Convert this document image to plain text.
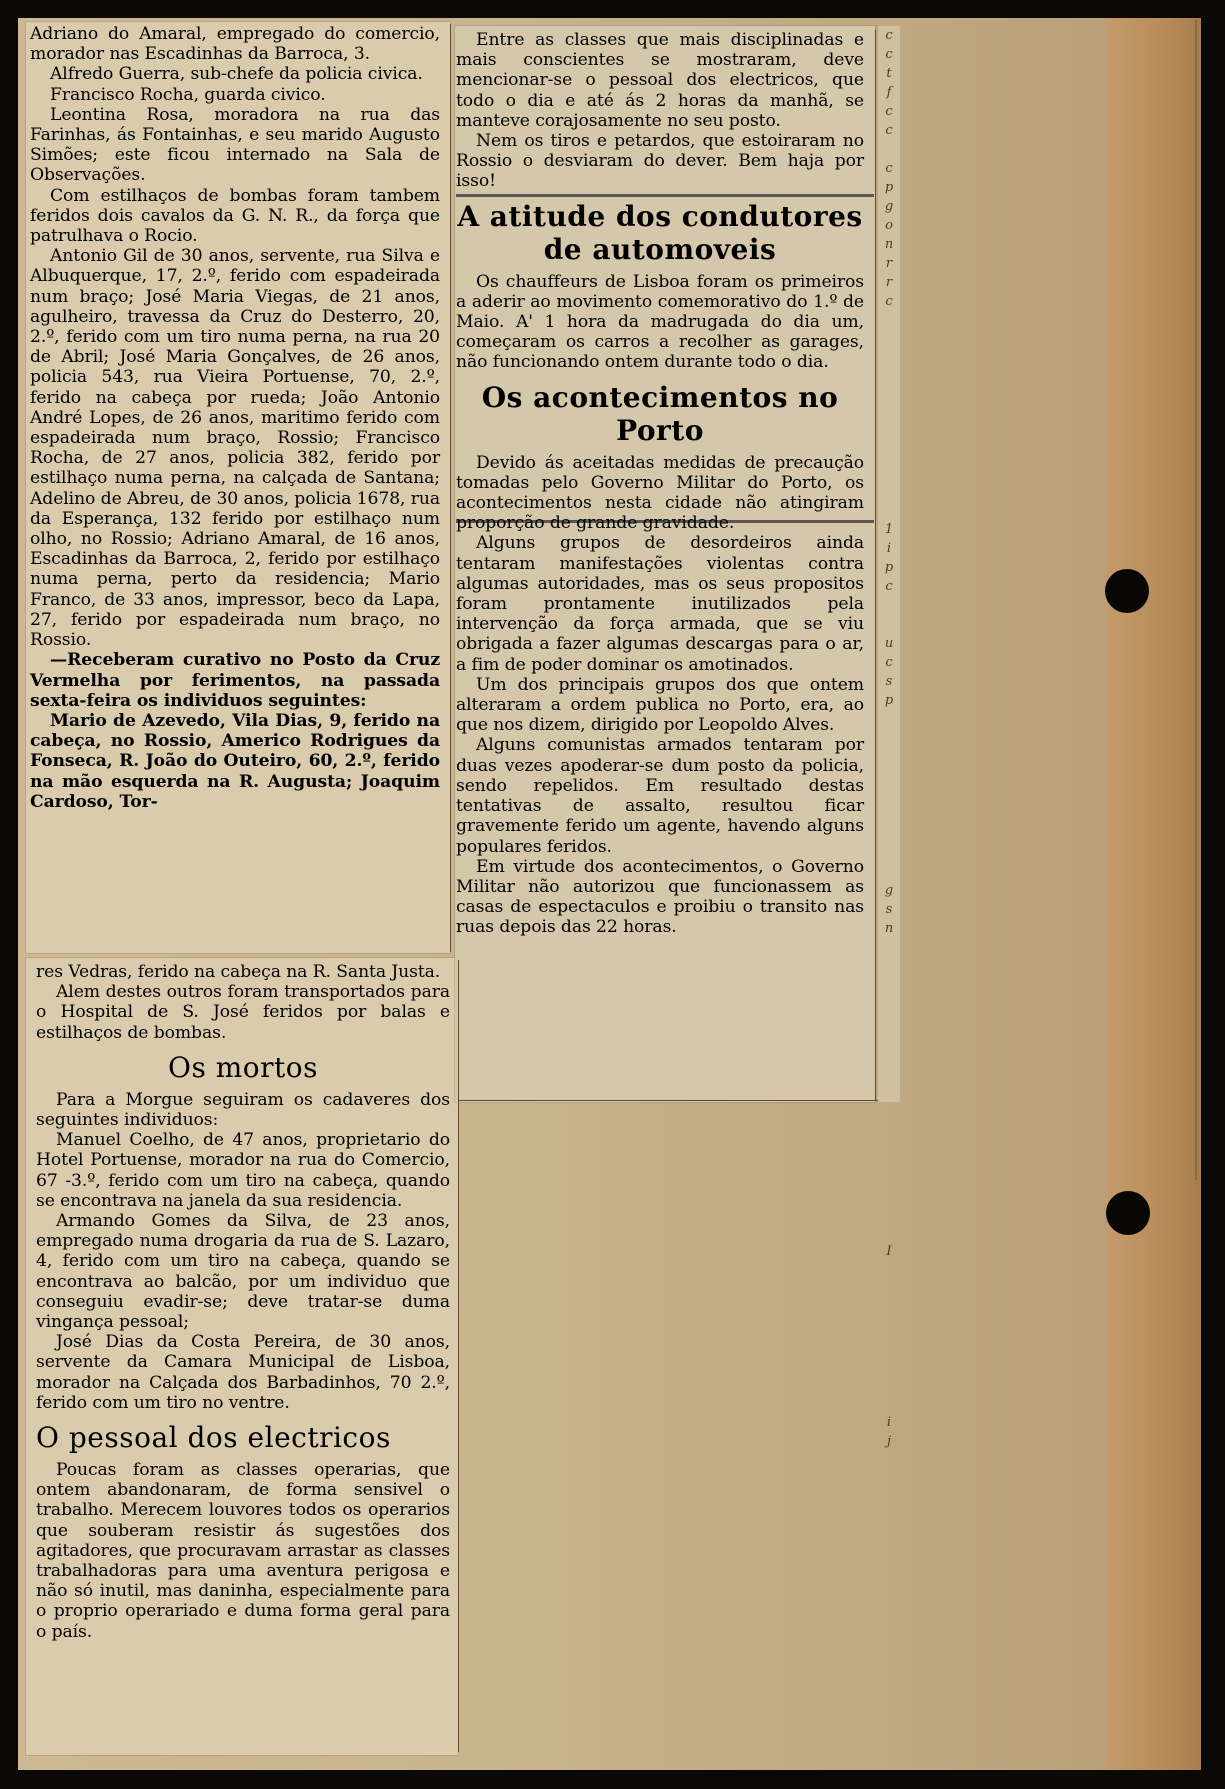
c
c
t
f
c
c

c
p
g
o
n
r
r
c

1
i
p
c

u
c
s
p

g
s
n

I

i
j

Adriano do Amaral, empregado do comercio, morador nas Escadinhas da Barroca, 3.

Alfredo Guerra, sub-chefe da policia civica.

Francisco Rocha, guarda civico.

Leontina Rosa, moradora na rua das Farinhas, ás Fontainhas, e seu marido Augusto Simões; este ficou internado na Sala de Observações.

Com estilhaços de bombas foram tambem feridos dois cavalos da G. N. R., da força que patrulhava o Rocio.

Antonio Gil de 30 anos, servente, rua Silva e Albuquerque, 17, 2.º, ferido com espadeirada num braço; José Maria Viegas, de 21 anos, agulheiro, travessa da Cruz do Desterro, 20, 2.º, ferido com um tiro numa perna, na rua 20 de Abril; José Maria Gonçalves, de 26 anos, policia 543, rua Vieira Portuense, 70, 2.º, ferido na cabeça por rueda; João Antonio André Lopes, de 26 anos, maritimo ferido com espadeirada num braço, Rossio; Francisco Rocha, de 27 anos, policia 382, ferido por estilhaço numa perna, na calçada de Santana; Adelino de Abreu, de 30 anos, policia 1678, rua da Esperança, 132 ferido por estilhaço num olho, no Rossio; Adriano Amaral, de 16 anos, Escadinhas da Barroca, 2, ferido por estilhaço numa perna, perto da residencia; Mario Franco, de 33 anos, impressor, beco da Lapa, 27, ferido por espadeirada num braço, no Rossio.

—Receberam curativo no Posto da Cruz Vermelha por ferimentos, na passada sexta-feira os individuos seguintes:

Mario de Azevedo, Vila Dias, 9, ferido na cabeça, no Rossio, Americo Rodrigues da Fonseca, R. João do Outeiro, 60, 2.º, ferido na mão esquerda na R. Augusta; Joaquim Cardoso, Tor-

res Vedras, ferido na cabeça na R. Santa Justa.

Alem destes outros foram transportados para o Hospital de S. José feridos por balas e estilhaços de bombas.

Os mortos

Para a Morgue seguiram os cadaveres dos seguintes individuos:

Manuel Coelho, de 47 anos, proprietario do Hotel Portuense, morador na rua do Comercio, 67 -3.º, ferido com um tiro na cabeça, quando se encontrava na janela da sua residencia.

Armando Gomes da Silva, de 23 anos, empregado numa drogaria da rua de S. Lazaro, 4, ferido com um tiro na cabeça, quando se encontrava ao balcão, por um individuo que conseguiu evadir-se; deve tratar-se duma vingança pessoal;

José Dias da Costa Pereira, de 30 anos, servente da Camara Municipal de Lisboa, morador na Calçada dos Barbadinhos, 70 2.º, ferido com um tiro no ventre.

O pessoal dos electricos

Poucas foram as classes operarias, que ontem abandonaram, de forma sensivel o trabalho. Merecem louvores todos os operarios que souberam resistir ás sugestões dos agitadores, que procuravam arrastar as classes trabalhadoras para uma aventura perigosa e não só inutil, mas daninha, especialmente para o proprio operariado e duma forma geral para o país.

Entre as classes que mais disciplinadas e mais conscientes se mostraram, deve mencionar-se o pessoal dos electricos, que todo o dia e até ás 2 horas da manhã, se manteve corajosamente no seu posto.

Nem os tiros e petardos, que estoiraram no Rossio o desviaram do dever. Bem haja por isso!

A atitude dos condutores de automoveis

Os chauffeurs de Lisboa foram os primeiros a aderir ao movimento comemorativo do 1.º de Maio. A' 1 hora da madrugada do dia um, começaram os carros a recolher as garages, não funcionando ontem durante todo o dia.

Os acontecimentos no Porto

Devido ás aceitadas medidas de precaução tomadas pelo Governo Militar do Porto, os acontecimentos nesta cidade não atingiram proporção de grande gravidade.

Alguns grupos de desordeiros ainda tentaram manifestações violentas contra algumas autoridades, mas os seus propositos foram prontamente inutilizados pela intervenção da força armada, que se viu obrigada a fazer algumas descargas para o ar, a fim de poder dominar os amotinados.

Um dos principais grupos dos que ontem alteraram a ordem publica no Porto, era, ao que nos dizem, dirigido por Leopoldo Alves.

Alguns comunistas armados tentaram por duas vezes apoderar-se dum posto da policia, sendo repelidos. Em resultado destas tentativas de assalto, resultou ficar gravemente ferido um agente, havendo alguns populares feridos.

Em virtude dos acontecimentos, o Governo Militar não autorizou que funcionassem as casas de espectaculos e proibiu o transito nas ruas depois das 22 horas.
